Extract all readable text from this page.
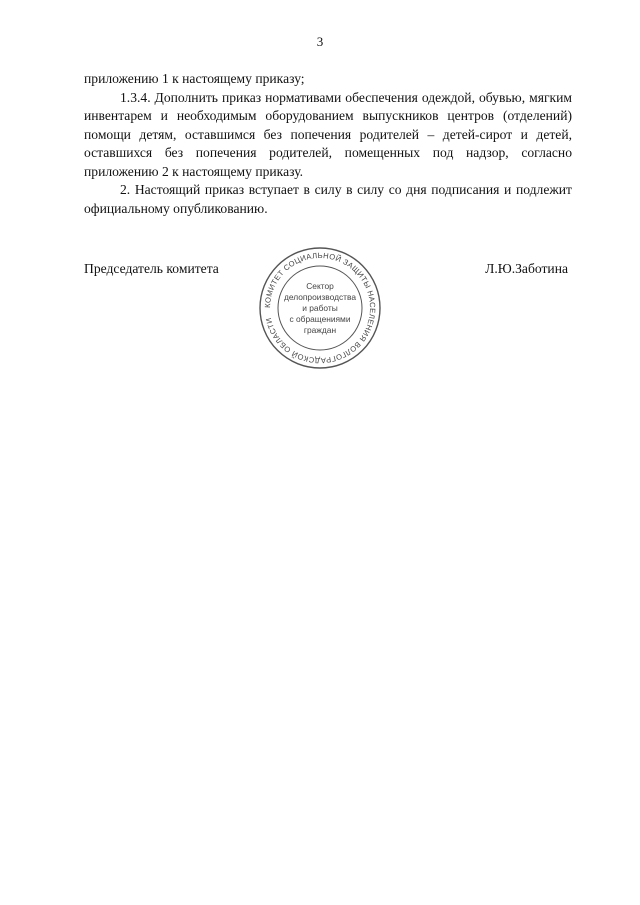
3

приложению 1 к настоящему приказу;

1.3.4. Дополнить приказ нормативами обеспечения одеждой, обувью, мягким инвентарем и необходимым оборудованием выпускников центров (отделений) помощи детям, оставшимся без попечения родителей – детей-сирот и детей, оставшихся без попечения родителей, помещенных под надзор, согласно приложению 2 к настоящему приказу.

2. Настоящий приказ вступает в силу в силу со дня подписания и подлежит официальному опубликованию.

Председатель комитета	Л.Ю.Заботина
КОМИТЕТ СОЦИАЛЬНОЙ ЗАЩИТЫ НАСЕЛЕНИЯ ВОЛГОГРАДСКОЙ ОБЛАСТИ
Сектор
делопроизводства
и работы
с обращениями
граждан
